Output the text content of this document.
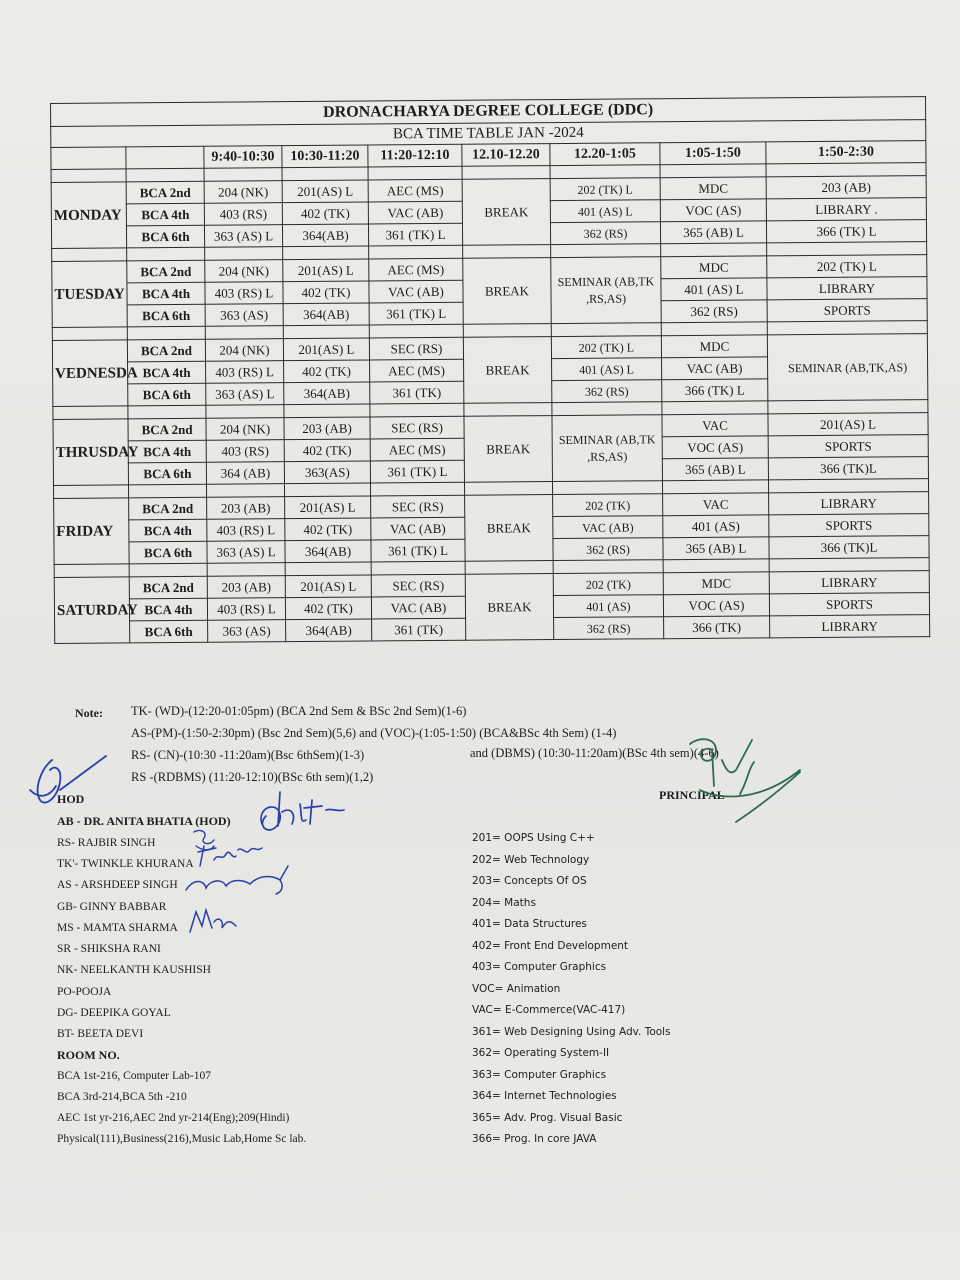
DRONACHARYA DEGREE COLLEGE (DDC)								
BCA TIME TABLE JAN -2024								
		9:40-10:30	10:30-11:20	11:20-12:10	12.10-12.20	12.20-1:05	1:05-1:50	1:50-2:30

MONDAY	BCA 2nd	204 (NK)	201(AS) L	AEC (MS)	BREAK	202 (TK) L	MDC	203 (AB)
	BCA 4th	403 (RS)	402 (TK)	VAC (AB)		401 (AS) L	VOC (AS)	LIBRARY .
	BCA 6th	363 (AS) L	364(AB)	361 (TK) L		362 (RS)	365 (AB) L	366 (TK) L

TUESDAY	BCA 2nd	204 (NK)	201(AS) L	AEC (MS)	BREAK	SEMINAR (AB,TK ,RS,AS)	MDC	202 (TK) L
	BCA 4th	403 (RS) L	402 (TK)	VAC (AB)			401 (AS) L	LIBRARY
	BCA 6th	363 (AS)	364(AB)	361 (TK) L			362 (RS)	SPORTS

VEDNESDA	BCA 2nd	204 (NK)	201(AS) L	SEC (RS)	BREAK	202 (TK) L	MDC	SEMINAR (AB,TK,AS)
	BCA 4th	403 (RS) L	402 (TK)	AEC (MS)		401 (AS) L	VAC (AB)	
	BCA 6th	363 (AS) L	364(AB)	361 (TK)		362 (RS)	366 (TK) L	

THRUSDAY	BCA 2nd	204 (NK)	203 (AB)	SEC (RS)	BREAK	SEMINAR (AB,TK ,RS,AS)	VAC	201(AS) L
	BCA 4th	403 (RS)	402 (TK)	AEC (MS)			VOC (AS)	SPORTS
	BCA 6th	364 (AB)	363(AS)	361 (TK) L			365 (AB) L	366 (TK)L

FRIDAY	BCA 2nd	203 (AB)	201(AS) L	SEC (RS)	BREAK	202 (TK)	VAC	LIBRARY
	BCA 4th	403 (RS) L	402 (TK)	VAC (AB)		VAC (AB)	401 (AS)	SPORTS
	BCA 6th	363 (AS) L	364(AB)	361 (TK) L		362 (RS)	365 (AB) L	366 (TK)L

SATURDAY	BCA 2nd	203 (AB)	201(AS) L	SEC (RS)	BREAK	202 (TK)	MDC	LIBRARY
	BCA 4th	403 (RS) L	402 (TK)	VAC (AB)		401 (AS)	VOC (AS)	SPORTS
	BCA 6th	363 (AS)	364(AB)	361 (TK)		362 (RS)	366 (TK)	LIBRARY
Note: TK- (WD)-(12:20-01:05pm) (BCA 2nd Sem & BSc 2nd Sem)(1-6)
AS-(PM)-(1:50-2:30pm) (Bsc 2nd Sem)(5,6) and (VOC)-(1:05-1:50) (BCA&BSc 4th Sem) (1-4)
RS- (CN)-(10:30 -11:20am)(Bsc 6thSem)(1-3)
RS -(RDBMS) (11:20-12:10)(BSc 6th sem)(1,2)
and (DBMS) (10:30-11:20am)(BSc 4th sem)(4-6)
HOD	PRINCIPAL
AB - DR. ANITA BHATIA (HOD)
RS- RAJBIR SINGH
TK'- TWINKLE KHURANA
AS - ARSHDEEP SINGH
GB- GINNY BABBAR
MS - MAMTA SHARMA
SR - SHIKSHA RANI
NK- NEELKANTH KAUSHISH
PO-POOJA
DG- DEEPIKA GOYAL
BT- BEETA DEVI
ROOM NO.
BCA 1st-216, Computer Lab-107
BCA 3rd-214,BCA 5th -210
AEC 1st yr-216,AEC 2nd yr-214(Eng);209(Hindi)
Physical(111),Business(216),Music Lab,Home Sc lab.
201= OOPS Using C++
202= Web Technology
203= Concepts Of OS
204= Maths
401= Data Structures
402= Front End Development
403= Computer Graphics
VOC= Animation
VAC= E-Commerce(VAC-417)
361= Web Designing Using Adv. Tools
362= Operating System-II
363= Computer Graphics
364= Internet Technologies
365= Adv. Prog. Visual Basic
366= Prog. In core JAVA
